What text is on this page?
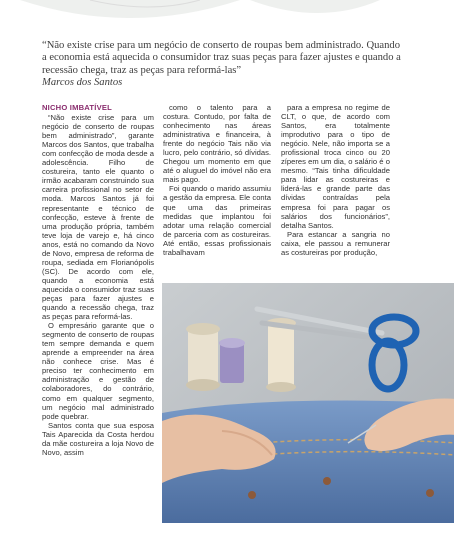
“Não existe crise para um negócio de conserto de roupas bem administrado. Quando a economia está aquecida o consumidor traz suas peças para fazer ajustes e quando a recessão chega, traz as peças para reformá-las”
Marcos dos Santos
NICHO IMBATÍVEL

“Não existe crise para um negócio de conserto de roupas bem administrado”, garante Marcos dos Santos, que trabalha com confecção de moda desde a adolescência. Filho de costureira, tanto ele quanto o irmão acabaram construindo sua carreira profissional no setor de moda. Marcos Santos já foi representante e técnico de confecção, esteve à frente de uma produção própria, também teve loja de varejo e, há cinco anos, está no comando da Novo de Novo, empresa de reforma de roupa, sediada em Florianópolis (SC). De acordo com ele, quando a economia está aquecida o consumidor traz suas peças para fazer ajustes e quando a recessão chega, traz as peças para reformá-las.

O empresário garante que o segmento de conserto de roupas tem sempre demanda e quem aprende a empreender na área não conhece crise. Mas é preciso ter conhecimento em administração e gestão de colaboradores, do contrário, como em qualquer segmento, um negócio mal administrado pode quebrar.

Santos conta que sua esposa Tais Aparecida da Costa herdou da mãe costureira a loja Novo de Novo, assim

como o talento para a costura. Contudo, por falta de conhecimento nas áreas administrativa e financeira, à frente do negócio Tais não via lucro, pelo contrário, só dívidas. Chegou um momento em que até o aluguel do imóvel não era mais pago.

Foi quando o marido assumiu a gestão da empresa. Ele conta que uma das primeiras medidas que implantou foi adotar uma relação comercial de parceria com as costureiras. Até então, essas profissionais trabalhavam

para a empresa no regime de CLT, o que, de acordo com Santos, era totalmente improdutivo para o tipo de negócio. Nele, não importa se a profissional troca cinco ou 20 zíperes em um dia, o salário é o mesmo. “Tais tinha dificuldade para lidar as costureiras e liderá-las e grande parte das dívidas contraídas pela empresa foi para pagar os salários dos funcionários”, detalha Santos.

Para estancar a sangria no caixa, ele passou a remunerar as costureiras por produção,
